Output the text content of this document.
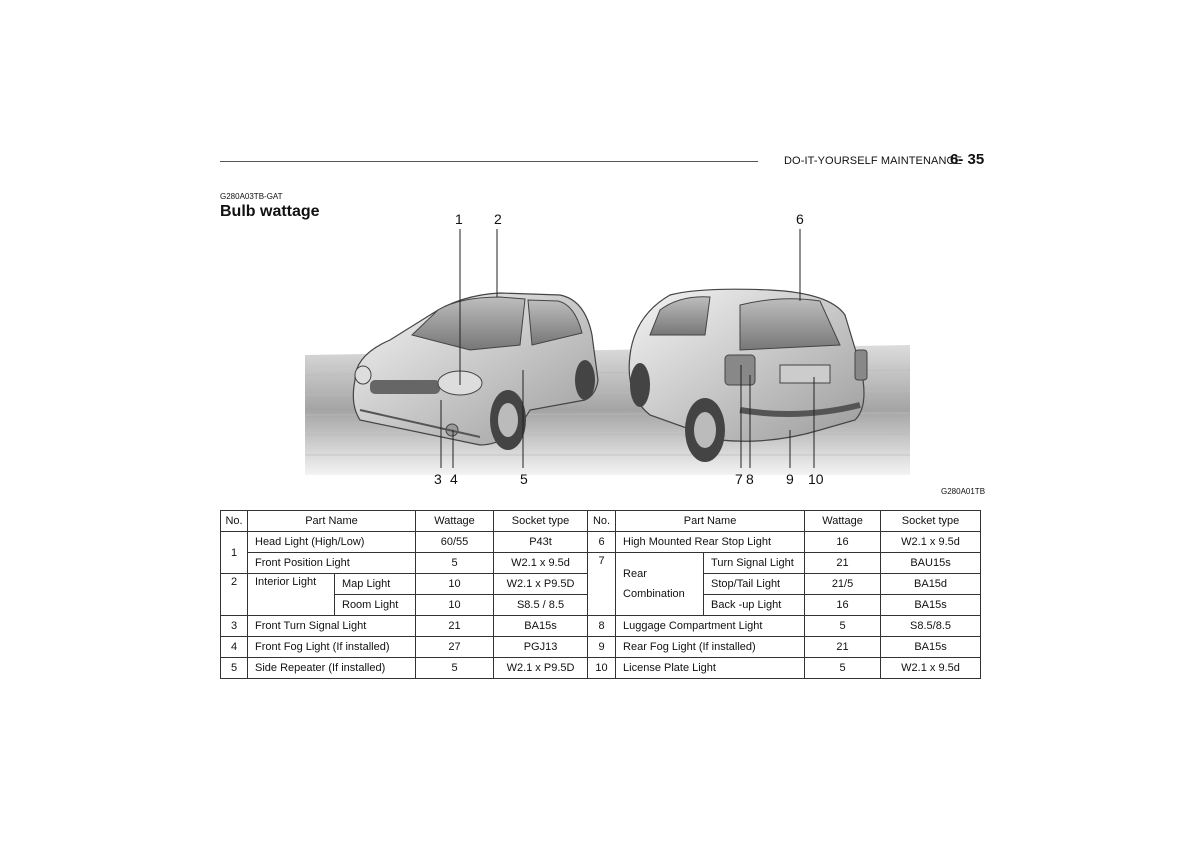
DO-IT-YOURSELF MAINTENANCE
6- 35
G280A03TB-GAT
Bulb wattage	1 2
3 4	5
6
7 8 9 10
G280A01TB
No.	Part Name		Wattage	Socket type	No.	Part Name		Wattage	Socket type
1	Head Light (High/Low)		60/55	P43t	6	High Mounted Rear Stop Light		16	W2.1 x 9.5d
	Front Position Light		5	W2.1 x 9.5d	7	Rear
Combination	Turn Signal Light	21	BAU15s
2	Interior Light	Map Light	10	W2.1 x P9.5D			Stop/Tail Light	21/5	BA15d
		Room Light	10	S8.5 / 8.5			Back -up Light	16	BA15s
3	Front Turn Signal Light		21	BA15s	8	Luggage Compartment Light		5	S8.5/8.5
4	Front Fog Light (If installed)		27	PGJ13	9	Rear Fog Light (If installed)		21	BA15s
5	Side Repeater (If installed)		5	W2.1 x P9.5D	10	License Plate Light		5	W2.1 x 9.5d
